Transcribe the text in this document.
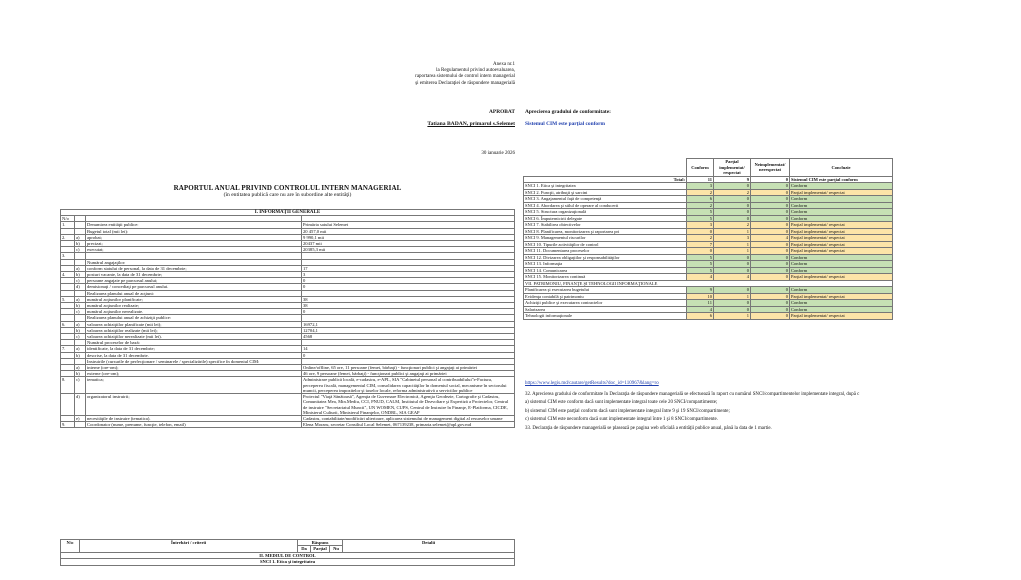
Anexa nr.1
la Regulamentul privind autoevaluarea,
raportarea sistemului de control intern managerial
şi emiterea Declaraţiei de răspundere managerială
APROBAT
Tatiana BADAN, primarul s.Selemet
30 ianuarie 2026
Aprecierea gradului de conformitate:
Sistemul CIM este parţial conform
RAPORTUL ANUAL PRIVIND CONTROLUL INTERN MANAGERIAL
(în entitatea publică care nu are în subordine alte entităţi)
I. INFORMAŢII GENERALE			
N/o			
1.		Denumirea entităţii publice:	Primăria satului Selemet
		Bugetul total (mii lei):	20 457,0 mii
2.	a)	aprobat;	9 990,1 mii
	b)	precizat;	20437 mii
	c)	executat;	20385,3 mii
3.			
		Numărul angajaţilor:	
	a)	conform statului de personal, la data de 31 decembrie;	17
4.	b)	posturi vacante, la data de 31 decembrie;	3
	c)	persoane angajate pe parcursul anului;	0
	d)	demisionaţi / concediaţi pe parcursul anului.	0
		Realizarea planului anual de acţiuni:	
5.	a)	numărul acţiunilor planificate;	38
	b)	numărul acţiunilor realizate;	38
	c)	numărul acţiunilor nerealizate.	0
		Realizarea planului anual de achiziţii publice:	
6.	a)	valoarea achiziţiilor planificate (mii lei);	16972,1
	b)	valoarea achiziţiilor realizate (mii lei);	12704,1
	c)	valoarea achiziţiilor nerealizate (mii lei).	4568
		Numărul proceselor de bază:	
7.	a)	identificate, la data de 31 decembrie;	14
	b)	descrise, la data de 31 decembrie.	0
		Instruirile (cursurile de perfecţionare / seminarele / specializările) specifice în domeniul CIM:	
	a)	interne (ore-om);	Online/offline, 65 ore, 11 persoane (femei, bărbaţi) - funcţionari publici şi angajaţi ai primăriei
	b)	externe (ore-om);	46 ore, 9 persoane (femei, bărbaţi) - funcţionari publici şi angajaţi ai primăriei
8.	c)	tematica;	Administrare publică locală, e-cadastru, e-APL, SIA "Cabinetul personal al contribuabilului"e-Factura, perceperea fiscală, managementul CIM, consolidarea capacităţilor în domeniul social, mecanisme în sectorului muncii, perceperea impozitelor şi taxelor locale, reforma administrativă a serviciilor publice
	d)	organizatorul instruirii;	Proiectul "Viaţă Sănătoasă", Agenţia de Guvernare Electronică, Agenţia Geodezie, Cartografie şi Cadastru, Comunitatea Mea, Min.Mediu, CCI, PNUD, CALM, Institutul de Dezvoltare şi Expertiză a Proiectelor, Centrul de instruire "Secretariatul Muncii", UN WOMEN, CUPS, Centrul de Instruire în Finanţe, E-Platforma, CICDE, Ministerul Culturii, Ministerul Finanţelor, ONDRL, SIA GEAP
	e)	necesităţile de instruire (tematica).	Cadastru, contabilitate/modificări ulterioare, aplicarea sistemului de management digital al resurselor umane
9.		Coordonator (nume, prenume, funcţie, telefon, email)	Elena Moraru, secretar Consiliul Local Selemet, 067139238, primaria.selemet@apl.gov.md
N/o	Întrebări / criterii	Răspuns			Detalii
		Da	Parţial	Nu	
II. MEDIUL DE CONTROL					
SNCI 1. Etica şi integritatea					
	Conform	Parţial implementat/ respectat	Neimplementat/ nerespectat	Concluzie
Total:	11	9	0	Sistemul CIM este parţial conform
SNCI 1. Etica şi integritatea	3	0	0	Conform
SNCI 2. Funcţii, atribuţii şi sarcini	2	2	0	Parţial implementat/ respectat
SNCI 3. Angajamentul faţă de competenţă	6	0	0	Conform
SNCI 4. Abordarea şi stilul de operare al conducerii	2	0	0	Conform
SNCI 5. Structura organizaţională	5	0	0	Conform
SNCI 6. Împuternicirii delegate	5	0	0	Conform
SNCI 7. Stabilirea obiectivelor	3	2	0	Parţial implementat/ respectat
SNCI 8. Planificarea, monitorizarea şi raportarea pri	0	1	0	Parţial implementat/ respectat
SNCI 9. Managementul riscurilor	2	3	4	Parţial implementat/ respectat
SNCI 10. Tipurile activităţilor de control	7	1	0	Parţial implementat/ respectat
SNCI 11. Documentarea proceselor	0	1	0	Parţial implementat/ respectat
SNCI 12. Divizarea obligaţiilor şi responsabilităţilor	5	0	0	Conform
SNCI 13. Informaţia	5	0	0	Conform
SNCI 14. Comunicarea	5	0	0	Conform
SNCI 15. Monitorizarea continuă	4	4	0	Parţial implementat/ respectat
VII. PATRIMONIU, FINANŢE ŞI TEHNOLOGII INFORMAŢIONALE				
Planificarea şi executarea bugetului	9	0	0	Conform
Evidenţa contabilă şi patrimoniu	10	1	0	Parţial implementat/ respectat
Achiziţii publice şi executarea contractelor	11	0	0	Conform
Salarizarea	4	0	0	Conform
Tehnologii informaţionale	6	1	0	Parţial implementat/ respectat
https://www.legis.md/cautare/getResults?doc_id=110967&lang=ro
32. Aprecierea gradului de conformitate în Declaraţia de răspundere managerială se efectuează în raport cu numărul SNCI/compartimentelor implementate integral, după c
a) sistemul CIM este conform dacă sunt implementate integral toate cele 20 SNCI/compartimente;
b) sistemul CIM este parţial conform dacă sunt implementate integral între 9 şi 19 SNCI/compartimente;
c) sistemul CIM este neconform dacă sunt implementate integral între 1 şi 8 SNCI/compartimente.
33. Declaraţia de răspundere managerială se plasează pe pagina web oficială a entităţii publice anual, până la data de 1 martie.
